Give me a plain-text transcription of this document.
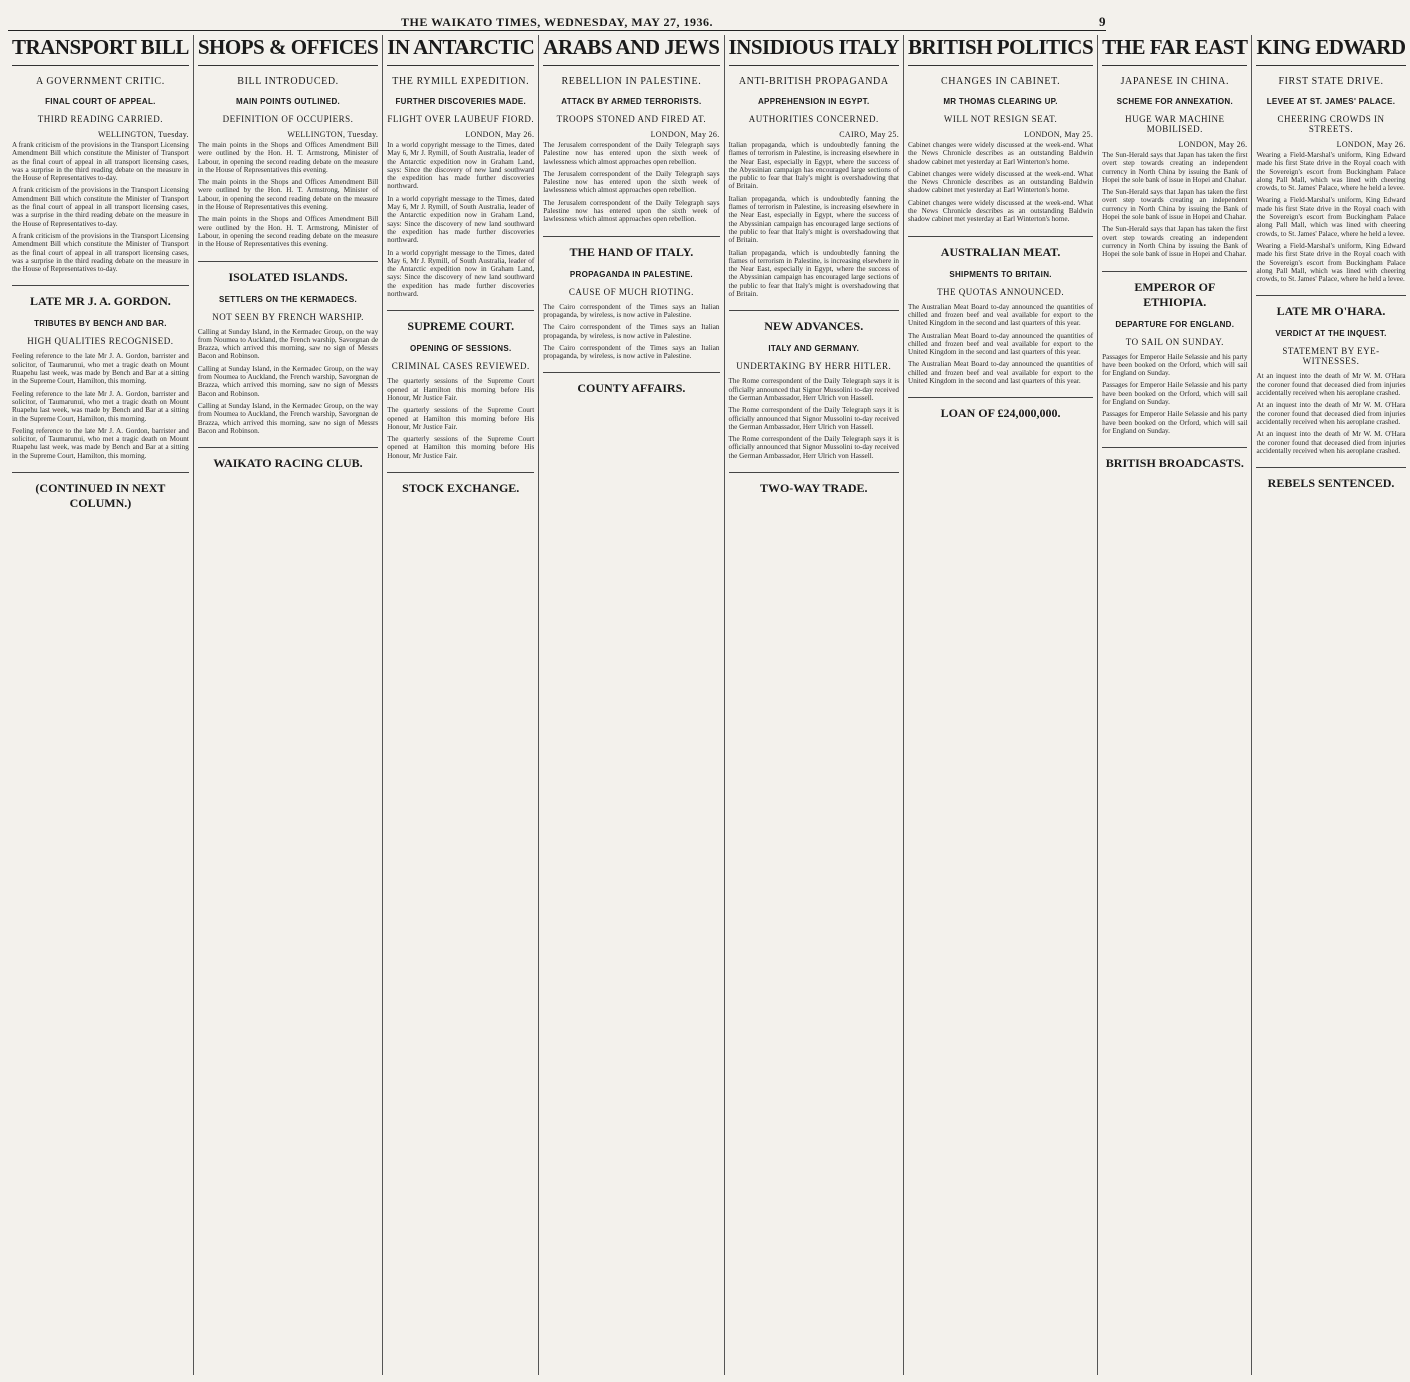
THE WAIKATO TIMES, WEDNESDAY, MAY 27, 1936.	9
TRANSPORT BILL
A GOVERNMENT CRITIC.
FINAL COURT OF APPEAL.
THIRD READING CARRIED.
WELLINGTON, Tuesday.

A frank criticism of the provisions in the Transport Licensing Amendment Bill which constitute the Minister of Transport as the final court of appeal in all transport licensing cases, was a surprise in the third reading debate on the measure in the House of Representatives to-day.

A frank criticism of the provisions in the Transport Licensing Amendment Bill which constitute the Minister of Transport as the final court of appeal in all transport licensing cases, was a surprise in the third reading debate on the measure in the House of Representatives to-day.

A frank criticism of the provisions in the Transport Licensing Amendment Bill which constitute the Minister of Transport as the final court of appeal in all transport licensing cases, was a surprise in the third reading debate on the measure in the House of Representatives to-day.

LATE MR J. A. GORDON.
TRIBUTES BY BENCH AND BAR.
HIGH QUALITIES RECOGNISED.

Feeling reference to the late Mr J. A. Gordon, barrister and solicitor, of Taumarunui, who met a tragic death on Mount Ruapehu last week, was made by Bench and Bar at a sitting in the Supreme Court, Hamilton, this morning.

Feeling reference to the late Mr J. A. Gordon, barrister and solicitor, of Taumarunui, who met a tragic death on Mount Ruapehu last week, was made by Bench and Bar at a sitting in the Supreme Court, Hamilton, this morning.

Feeling reference to the late Mr J. A. Gordon, barrister and solicitor, of Taumarunui, who met a tragic death on Mount Ruapehu last week, was made by Bench and Bar at a sitting in the Supreme Court, Hamilton, this morning.

(CONTINUED IN NEXT COLUMN.)
SHOPS & OFFICES
BILL INTRODUCED.
MAIN POINTS OUTLINED.
DEFINITION OF OCCUPIERS.
WELLINGTON, Tuesday.

The main points in the Shops and Offices Amendment Bill were outlined by the Hon. H. T. Armstrong, Minister of Labour, in opening the second reading debate on the measure in the House of Representatives this evening.

The main points in the Shops and Offices Amendment Bill were outlined by the Hon. H. T. Armstrong, Minister of Labour, in opening the second reading debate on the measure in the House of Representatives this evening.

The main points in the Shops and Offices Amendment Bill were outlined by the Hon. H. T. Armstrong, Minister of Labour, in opening the second reading debate on the measure in the House of Representatives this evening.

ISOLATED ISLANDS.
SETTLERS ON THE KERMADECS.
NOT SEEN BY FRENCH WARSHIP.

Calling at Sunday Island, in the Kermadec Group, on the way from Noumea to Auckland, the French warship, Savorgnan de Brazza, which arrived this morning, saw no sign of Messrs Bacon and Robinson.

Calling at Sunday Island, in the Kermadec Group, on the way from Noumea to Auckland, the French warship, Savorgnan de Brazza, which arrived this morning, saw no sign of Messrs Bacon and Robinson.

Calling at Sunday Island, in the Kermadec Group, on the way from Noumea to Auckland, the French warship, Savorgnan de Brazza, which arrived this morning, saw no sign of Messrs Bacon and Robinson.

WAIKATO RACING CLUB.
IN ANTARCTIC
THE RYMILL EXPEDITION.
FURTHER DISCOVERIES MADE.
FLIGHT OVER LAUBEUF FIORD.
LONDON, May 26.

In a world copyright message to the Times, dated May 6, Mr J. Rymill, of South Australia, leader of the Antarctic expedition now in Graham Land, says: Since the discovery of new land southward the expedition has made further discoveries northward.

In a world copyright message to the Times, dated May 6, Mr J. Rymill, of South Australia, leader of the Antarctic expedition now in Graham Land, says: Since the discovery of new land southward the expedition has made further discoveries northward.

In a world copyright message to the Times, dated May 6, Mr J. Rymill, of South Australia, leader of the Antarctic expedition now in Graham Land, says: Since the discovery of new land southward the expedition has made further discoveries northward.

SUPREME COURT.
OPENING OF SESSIONS.
CRIMINAL CASES REVIEWED.

The quarterly sessions of the Supreme Court opened at Hamilton this morning before His Honour, Mr Justice Fair.

The quarterly sessions of the Supreme Court opened at Hamilton this morning before His Honour, Mr Justice Fair.

The quarterly sessions of the Supreme Court opened at Hamilton this morning before His Honour, Mr Justice Fair.

STOCK EXCHANGE.
ARABS AND JEWS
REBELLION IN PALESTINE.
ATTACK BY ARMED TERRORISTS.
TROOPS STONED AND FIRED AT.
LONDON, May 26.

The Jerusalem correspondent of the Daily Telegraph says Palestine now has entered upon the sixth week of lawlessness which almost approaches open rebellion.

The Jerusalem correspondent of the Daily Telegraph says Palestine now has entered upon the sixth week of lawlessness which almost approaches open rebellion.

The Jerusalem correspondent of the Daily Telegraph says Palestine now has entered upon the sixth week of lawlessness which almost approaches open rebellion.

THE HAND OF ITALY.
PROPAGANDA IN PALESTINE.
CAUSE OF MUCH RIOTING.

The Cairo correspondent of the Times says an Italian propaganda, by wireless, is now active in Palestine.

The Cairo correspondent of the Times says an Italian propaganda, by wireless, is now active in Palestine.

The Cairo correspondent of the Times says an Italian propaganda, by wireless, is now active in Palestine.

COUNTY AFFAIRS.
INSIDIOUS ITALY
ANTI-BRITISH PROPAGANDA
APPREHENSION IN EGYPT.
AUTHORITIES CONCERNED.
CAIRO, May 25.

Italian propaganda, which is undoubtedly fanning the flames of terrorism in Palestine, is increasing elsewhere in the Near East, especially in Egypt, where the success of the Abyssinian campaign has encouraged large sections of the public to fear that Italy's might is overshadowing that of Britain.

Italian propaganda, which is undoubtedly fanning the flames of terrorism in Palestine, is increasing elsewhere in the Near East, especially in Egypt, where the success of the Abyssinian campaign has encouraged large sections of the public to fear that Italy's might is overshadowing that of Britain.

Italian propaganda, which is undoubtedly fanning the flames of terrorism in Palestine, is increasing elsewhere in the Near East, especially in Egypt, where the success of the Abyssinian campaign has encouraged large sections of the public to fear that Italy's might is overshadowing that of Britain.

NEW ADVANCES.
ITALY AND GERMANY.
UNDERTAKING BY HERR HITLER.

The Rome correspondent of the Daily Telegraph says it is officially announced that Signor Mussolini to-day received the German Ambassador, Herr Ulrich von Hassell.

The Rome correspondent of the Daily Telegraph says it is officially announced that Signor Mussolini to-day received the German Ambassador, Herr Ulrich von Hassell.

The Rome correspondent of the Daily Telegraph says it is officially announced that Signor Mussolini to-day received the German Ambassador, Herr Ulrich von Hassell.

TWO-WAY TRADE.
BRITISH POLITICS
CHANGES IN CABINET.
MR THOMAS CLEARING UP.
WILL NOT RESIGN SEAT.
LONDON, May 25.

Cabinet changes were widely discussed at the week-end. What the News Chronicle describes as an outstanding Baldwin shadow cabinet met yesterday at Earl Winterton's home.

Cabinet changes were widely discussed at the week-end. What the News Chronicle describes as an outstanding Baldwin shadow cabinet met yesterday at Earl Winterton's home.

Cabinet changes were widely discussed at the week-end. What the News Chronicle describes as an outstanding Baldwin shadow cabinet met yesterday at Earl Winterton's home.

AUSTRALIAN MEAT.
SHIPMENTS TO BRITAIN.
THE QUOTAS ANNOUNCED.

The Australian Meat Board to-day announced the quantities of chilled and frozen beef and veal available for export to the United Kingdom in the second and last quarters of this year.

The Australian Meat Board to-day announced the quantities of chilled and frozen beef and veal available for export to the United Kingdom in the second and last quarters of this year.

The Australian Meat Board to-day announced the quantities of chilled and frozen beef and veal available for export to the United Kingdom in the second and last quarters of this year.

LOAN OF £24,000,000.
THE FAR EAST
JAPANESE IN CHINA.
SCHEME FOR ANNEXATION.
HUGE WAR MACHINE MOBILISED.
LONDON, May 26.

The Sun-Herald says that Japan has taken the first overt step towards creating an independent currency in North China by issuing the Bank of Hopei the sole bank of issue in Hopei and Chahar.

The Sun-Herald says that Japan has taken the first overt step towards creating an independent currency in North China by issuing the Bank of Hopei the sole bank of issue in Hopei and Chahar.

The Sun-Herald says that Japan has taken the first overt step towards creating an independent currency in North China by issuing the Bank of Hopei the sole bank of issue in Hopei and Chahar.

EMPEROR OF ETHIOPIA.
DEPARTURE FOR ENGLAND.
TO SAIL ON SUNDAY.

Passages for Emperor Haile Selassie and his party have been booked on the Orford, which will sail for England on Sunday.

Passages for Emperor Haile Selassie and his party have been booked on the Orford, which will sail for England on Sunday.

Passages for Emperor Haile Selassie and his party have been booked on the Orford, which will sail for England on Sunday.

BRITISH BROADCASTS.
KING EDWARD
FIRST STATE DRIVE.
LEVEE AT ST. JAMES' PALACE.
CHEERING CROWDS IN STREETS.
LONDON, May 26.

Wearing a Field-Marshal's uniform, King Edward made his first State drive in the Royal coach with the Sovereign's escort from Buckingham Palace along Pall Mall, which was lined with cheering crowds, to St. James' Palace, where he held a levee.

Wearing a Field-Marshal's uniform, King Edward made his first State drive in the Royal coach with the Sovereign's escort from Buckingham Palace along Pall Mall, which was lined with cheering crowds, to St. James' Palace, where he held a levee.

Wearing a Field-Marshal's uniform, King Edward made his first State drive in the Royal coach with the Sovereign's escort from Buckingham Palace along Pall Mall, which was lined with cheering crowds, to St. James' Palace, where he held a levee.

LATE MR O'HARA.
VERDICT AT THE INQUEST.
STATEMENT BY EYE-WITNESSES.

At an inquest into the death of Mr W. M. O'Hara the coroner found that deceased died from injuries accidentally received when his aeroplane crashed.

At an inquest into the death of Mr W. M. O'Hara the coroner found that deceased died from injuries accidentally received when his aeroplane crashed.

At an inquest into the death of Mr W. M. O'Hara the coroner found that deceased died from injuries accidentally received when his aeroplane crashed.

REBELS SENTENCED.
